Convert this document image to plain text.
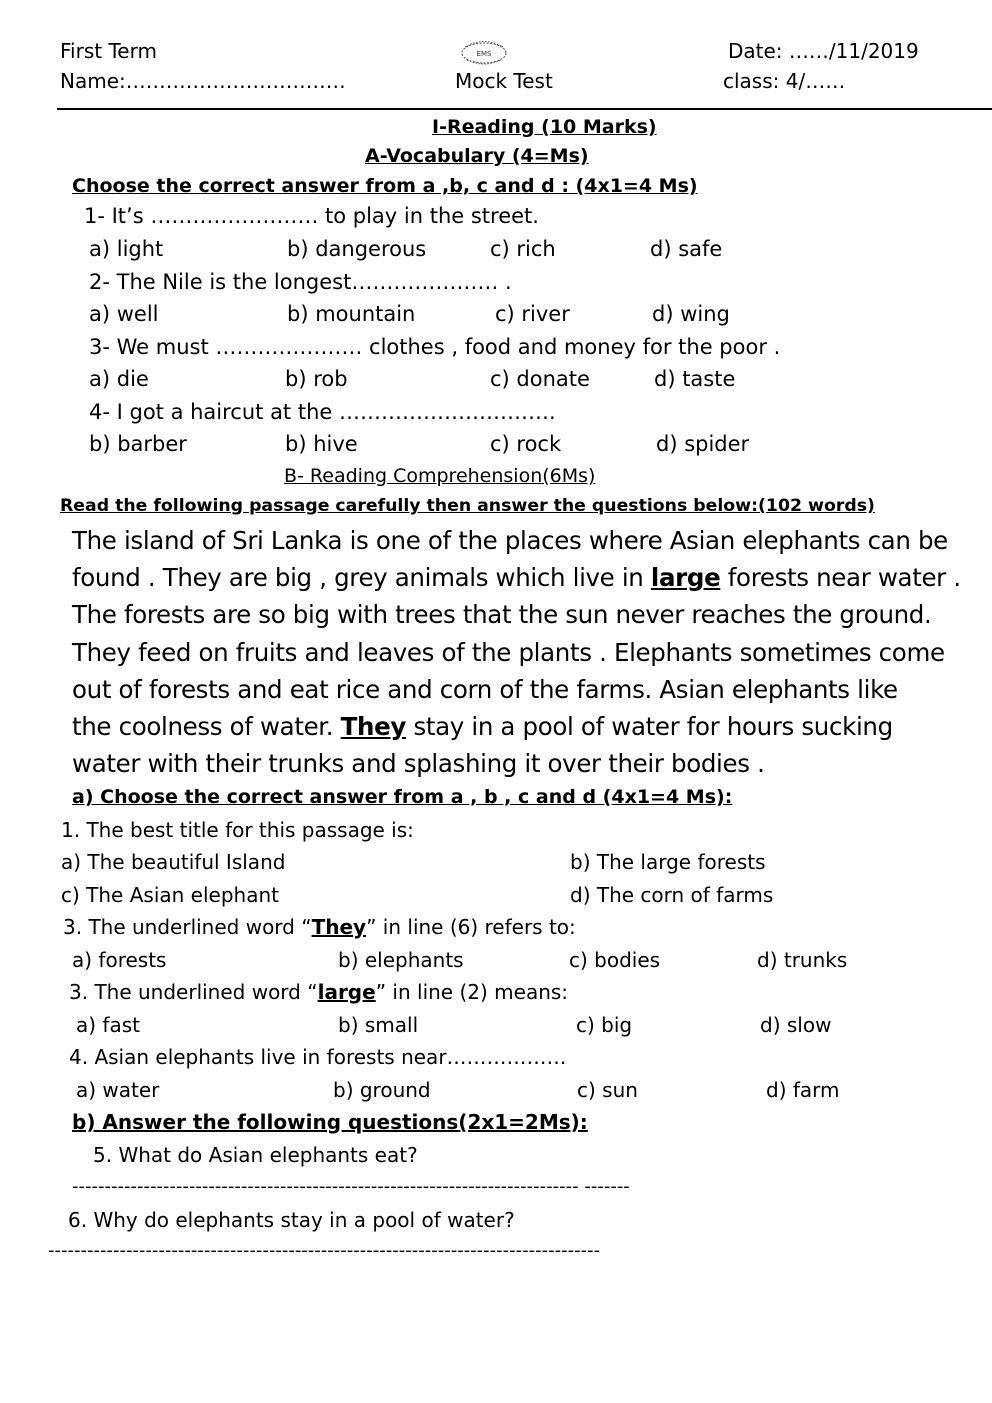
First Term
Name:……………………………
EMS
Mock Test
Date: ……/11/2019
class: 4/……
I-Reading (10 Marks)
A-Vocabulary (4=Ms)
Choose the correct answer from a ,b, c and d : (4x1=4 Ms)
1- It’s …………………… to play in the street.
a) light	b) dangerous	c) rich	d) safe
2- The Nile is the longest………………… .
a) well	b) mountain	c) river	d) wing
3- We must ………………… clothes , food and money for the poor .
a) die	b) rob	c) donate	d) taste
4- I got a haircut at the ………………………….
b) barber	b) hive	c) rock	d) spider
B- Reading Comprehension(6Ms)
Read the following passage carefully then answer the questions below:(102 words)
The island of Sri Lanka is one of the places where Asian elephants can be
found . They are big , grey animals which live in large forests near water .
The forests are so big with trees that the sun never reaches the ground.
They feed on fruits and leaves of the plants . Elephants sometimes come
out of forests and eat rice and corn of the farms. Asian elephants like
the coolness of water. They stay in a pool of water for hours sucking
water with their trunks and splashing it over their bodies .
a) Choose the correct answer from a , b , c and d (4x1=4 Ms):
1. The best title for this passage is:
a) The beautiful Island	b) The large forests
c) The Asian elephant	d) The corn of farms
3. The underlined word “They” in line (6) refers to:
a) forests	b) elephants	c) bodies	d) trunks
3. The underlined word “large” in line (2) means:
a) fast	b) small	c) big	d) slow
4. Asian elephants live in forests near………………
a) water	b) ground	c) sun	d) farm
b) Answer the following questions(2x1=2Ms):
5. What do Asian elephants eat?
------------------------------------------------------------------------------ -------
6. Why do elephants stay in a pool of water?
-------------------------------------------------------------------------------------
